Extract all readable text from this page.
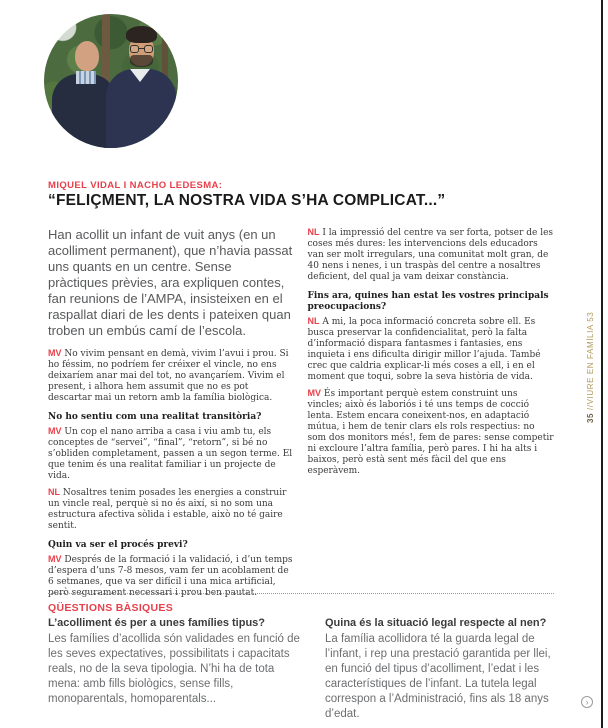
MIQUEL VIDAL I NACHO LEDESMA:
“FELIÇMENT, LA NOSTRA VIDA S’HA COMPLICAT...”

Han acollit un infant de vuit anys (en un acolliment permanent), que n’havia passat uns quants en un centre. Sense pràctiques prèvies, ara expliquen contes, fan reunions de l’AMPA, insisteixen en el raspallat diari de les dents i pateixen quan troben un embús camí de l’escola.

MV No vivim pensant en demà, vivim l’avui i prou. Si ho féssim, no podríem fer créixer el vincle, no ens deixaríem anar mai del tot, no avançaríem. Vivim el present, i alhora hem assumit que no es pot descartar mai un retorn amb la família biològica.

No ho sentiu com una realitat transitòria?

MV Un cop el nano arriba a casa i viu amb tu, els conceptes de “servei”, “final”, “retorn”, si bé no s’obliden completament, passen a un segon terme. El que tenim és una realitat familiar i un projecte de vida.

NL Nosaltres tenim posades les energies a construir un vincle real, perquè si no és així, si no som una estructura afectiva sòlida i estable, això no té gaire sentit.

Quin va ser el procés previ?

MV Després de la formació i la validació, i d’un temps d’espera d’uns 7-8 mesos, vam fer un acoblament de 6 setmanes, que va ser difícil i una mica artificial, però segurament necessari i prou ben pautat.

NL I la impressió del centre va ser forta, potser de les coses més dures: les intervencions dels educadors van ser molt irregulars, una comunitat molt gran, de 40 nens i nenes, i un traspàs del centre a nosaltres deficient, del qual ja vam deixar constància.

Fins ara, quines han estat les vostres principals preocupacions?

NL A mi, la poca informació concreta sobre ell. Es busca preservar la confidencialitat, però la falta d’informació dispara fantasmes i fantasies, ens inquieta i ens dificulta dirigir millor l’ajuda. També crec que caldria explicar-li més coses a ell, i en el moment que toqui, sobre la seva història de vida.

MV És important perquè estem construint uns vincles; això és laboriós i té uns temps de cocció lenta. Estem encara coneixent-nos, en adaptació mútua, i hem de tenir clars els rols respectius: no som dos monitors més!, fem de pares: sense competir ni excloure l’altra família, però pares. I hi ha alts i baixos, però està sent més fàcil del que ens esperàvem.

QÜESTIONS BÀSIQUES
L’acolliment és per a unes famílies tipus?
Les famílies d’acollida són validades en funció de les seves expectatives, possibilitats i capacitats reals, no de la seva tipologia. N’hi ha de tota mena: amb fills biològics, sense fills, monoparentals, homoparentals...
Quina és la situació legal respecte al nen?
La família acollidora té la guarda legal de l’infant, i rep una prestació garantida per llei, en funció del tipus d’acolliment, l’edat i les característiques de l’infant. La tutela legal correspon a l’Administració, fins als 18 anys d’edat.
35 //VIURE EN FAMÍLIA 53
›
